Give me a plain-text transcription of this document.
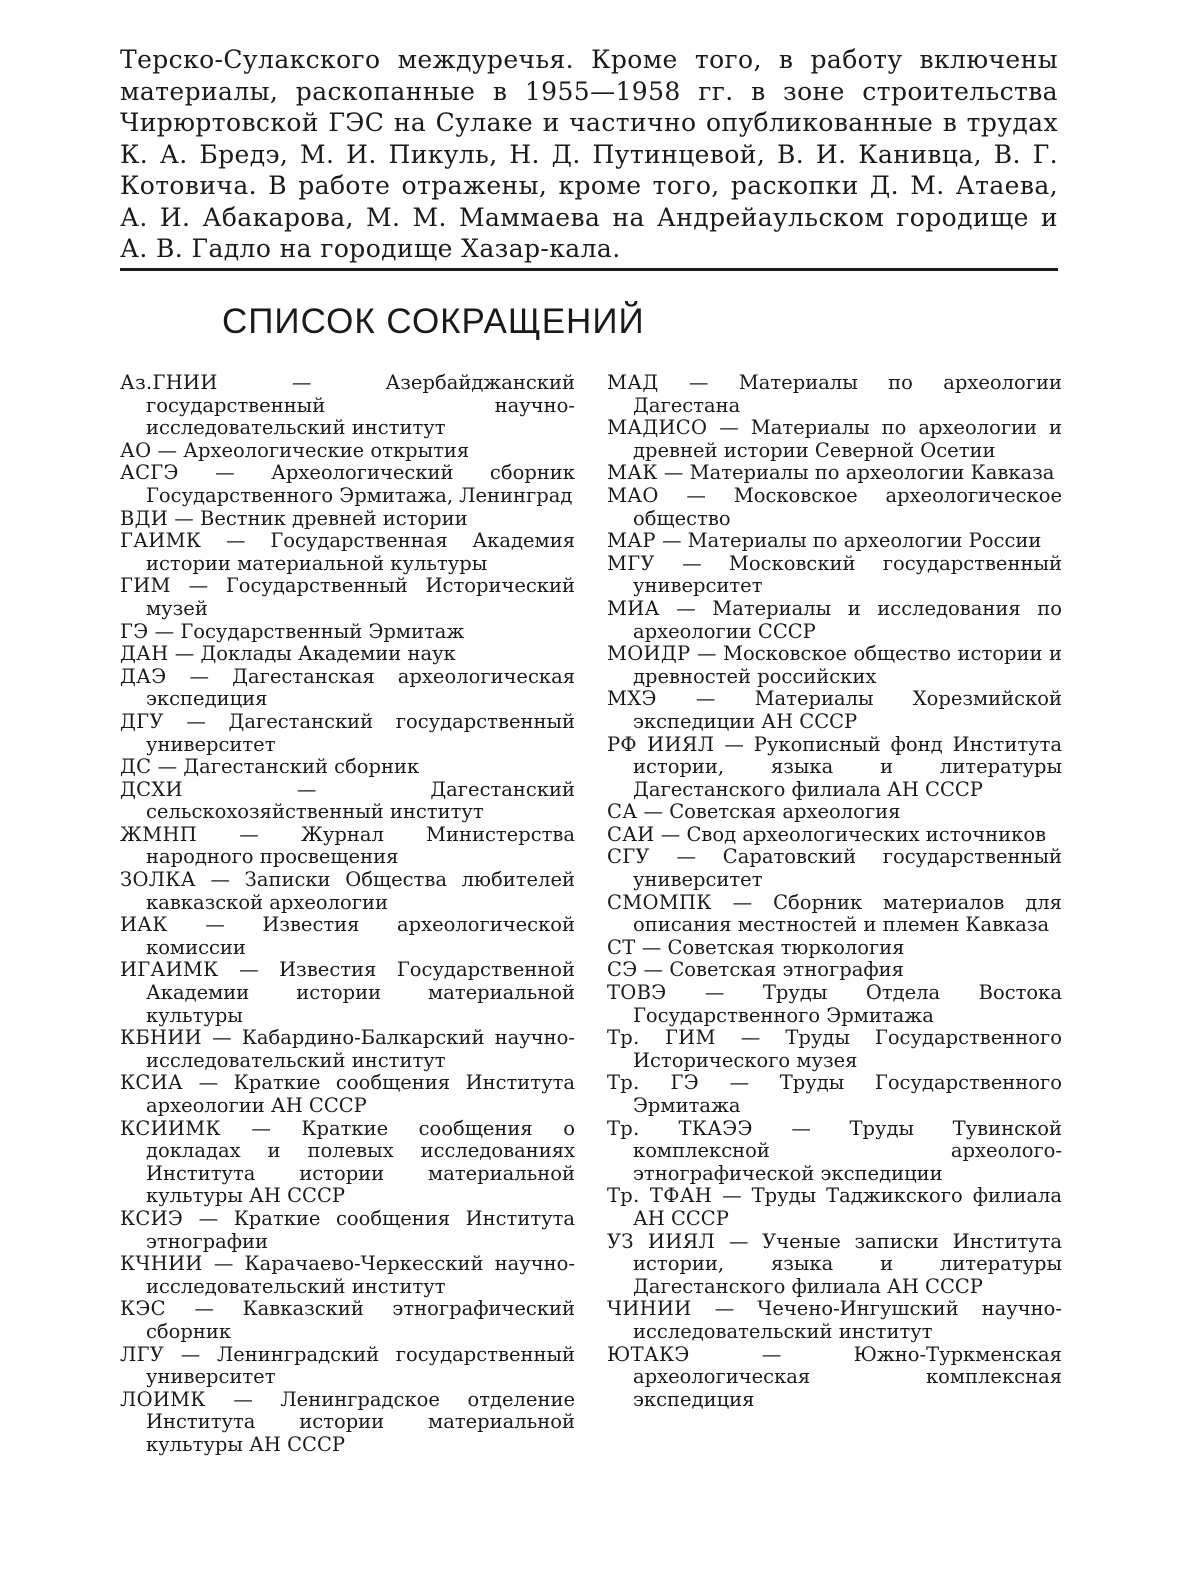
Терско-Сулакского междуречья. Кроме того, в работу включены материалы, раскопанные в 1955—1958 гг. в зоне строительства Чирюртовской ГЭС на Сулаке и частично опубликованные в трудах К. А. Бредэ, М. И. Пикуль, Н. Д. Путинцевой, В. И. Канивца, В. Г. Котовича. В работе отражены, кроме того, раскопки Д. М. Атаева, А. И. Абакарова, М. М. Маммаева на Андрейаульском городище и А. В. Гадло на городище Хазар-кала.

СПИСОК СОКРАЩЕНИЙ
Аз.ГНИИ — Азербайджанский государственный научно-исследовательский институт
АО — Археологические открытия
АСГЭ — Археологический сборник Государственного Эрмитажа, Ленинград
ВДИ — Вестник древней истории
ГАИМК — Государственная Академия истории материальной культуры
ГИМ — Государственный Исторический музей
ГЭ — Государственный Эрмитаж
ДАН — Доклады Академии наук
ДАЭ — Дагестанская археологическая экспедиция
ДГУ — Дагестанский государственный университет
ДС — Дагестанский сборник
ДСХИ — Дагестанский сельскохозяйственный институт
ЖМНП — Журнал Министерства народного просвещения
ЗОЛКА — Записки Общества любителей кавказской археологии
ИАК — Известия археологической комиссии
ИГАИМК — Известия Государственной Академии истории материальной культуры
КБНИИ — Кабардино-Балкарский научно-исследовательский институт
КСИА — Краткие сообщения Института археологии АН СССР
КСИИМК — Краткие сообщения о докладах и полевых исследованиях Института истории материальной культуры АН СССР
КСИЭ — Краткие сообщения Института этнографии
КЧНИИ — Карачаево-Черкесский научно-исследовательский институт
КЭС — Кавказский этнографический сборник
ЛГУ — Ленинградский государственный университет
ЛОИМК — Ленинградское отделение Института истории материальной культуры АН СССР
МАД — Материалы по археологии Дагестана
МАДИСО — Материалы по археологии и древней истории Северной Осетии
МАК — Материалы по археологии Кавказа
МАО — Московское археологическое общество
МАР — Материалы по археологии России
МГУ — Московский государственный университет
МИА — Материалы и исследования по археологии СССР
МОИДР — Московское общество истории и древностей российских
МХЭ — Материалы Хорезмийской экспедиции АН СССР
РФ ИИЯЛ — Рукописный фонд Института истории, языка и литературы Дагестанского филиала АН СССР
СА — Советская археология
САИ — Свод археологических источников
СГУ — Саратовский государственный университет
СМОМПК — Сборник материалов для описания местностей и племен Кавказа
СТ — Советская тюркология
СЭ — Советская этнография
ТОВЭ — Труды Отдела Востока Государственного Эрмитажа
Тр. ГИМ — Труды Государственного Исторического музея
Тр. ГЭ — Труды Государственного Эрмитажа
Тр. ТКАЭЭ — Труды Тувинской комплексной археолого-этнографической экспедиции
Тр. ТФАН — Труды Таджикского филиала АН СССР
УЗ ИИЯЛ — Ученые записки Института истории, языка и литературы Дагестанского филиала АН СССР
ЧИНИИ — Чечено-Ингушский научно-исследовательский институт
ЮТАКЭ — Южно-Туркменская археологическая комплексная экспедиция
